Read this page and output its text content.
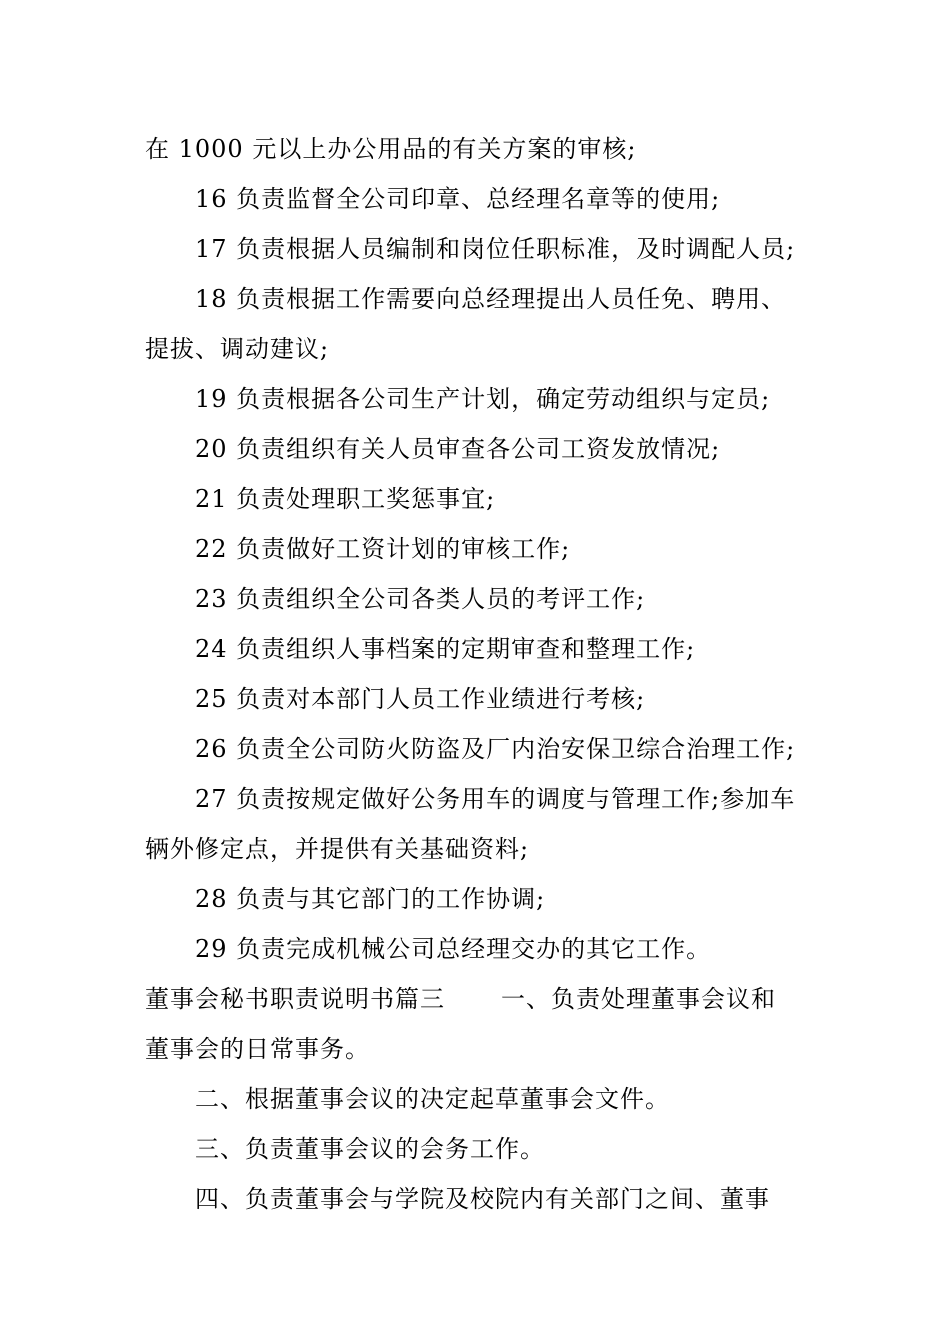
在 1000 元以上办公用品的有关方案的审核;
16 负责监督全公司印章、总经理名章等的使用;
17 负责根据人员编制和岗位任职标准，及时调配人员;
18 负责根据工作需要向总经理提出人员任免、聘用、
提拔、调动建议;
19 负责根据各公司生产计划，确定劳动组织与定员;
20 负责组织有关人员审查各公司工资发放情况;
21 负责处理职工奖惩事宜;
22 负责做好工资计划的审核工作;
23 负责组织全公司各类人员的考评工作;
24 负责组织人事档案的定期审查和整理工作;
25 负责对本部门人员工作业绩进行考核;
26 负责全公司防火防盗及厂内治安保卫综合治理工作;
27 负责按规定做好公务用车的调度与管理工作;参加车
辆外修定点，并提供有关基础资料;
28 负责与其它部门的工作协调;
29 负责完成机械公司总经理交办的其它工作。
董事会秘书职责说明书篇三 一、负责处理董事会议和
董事会的日常事务。
二、根据董事会议的决定起草董事会文件。
三、负责董事会议的会务工作。
四、负责董事会与学院及校院内有关部门之间、董事
